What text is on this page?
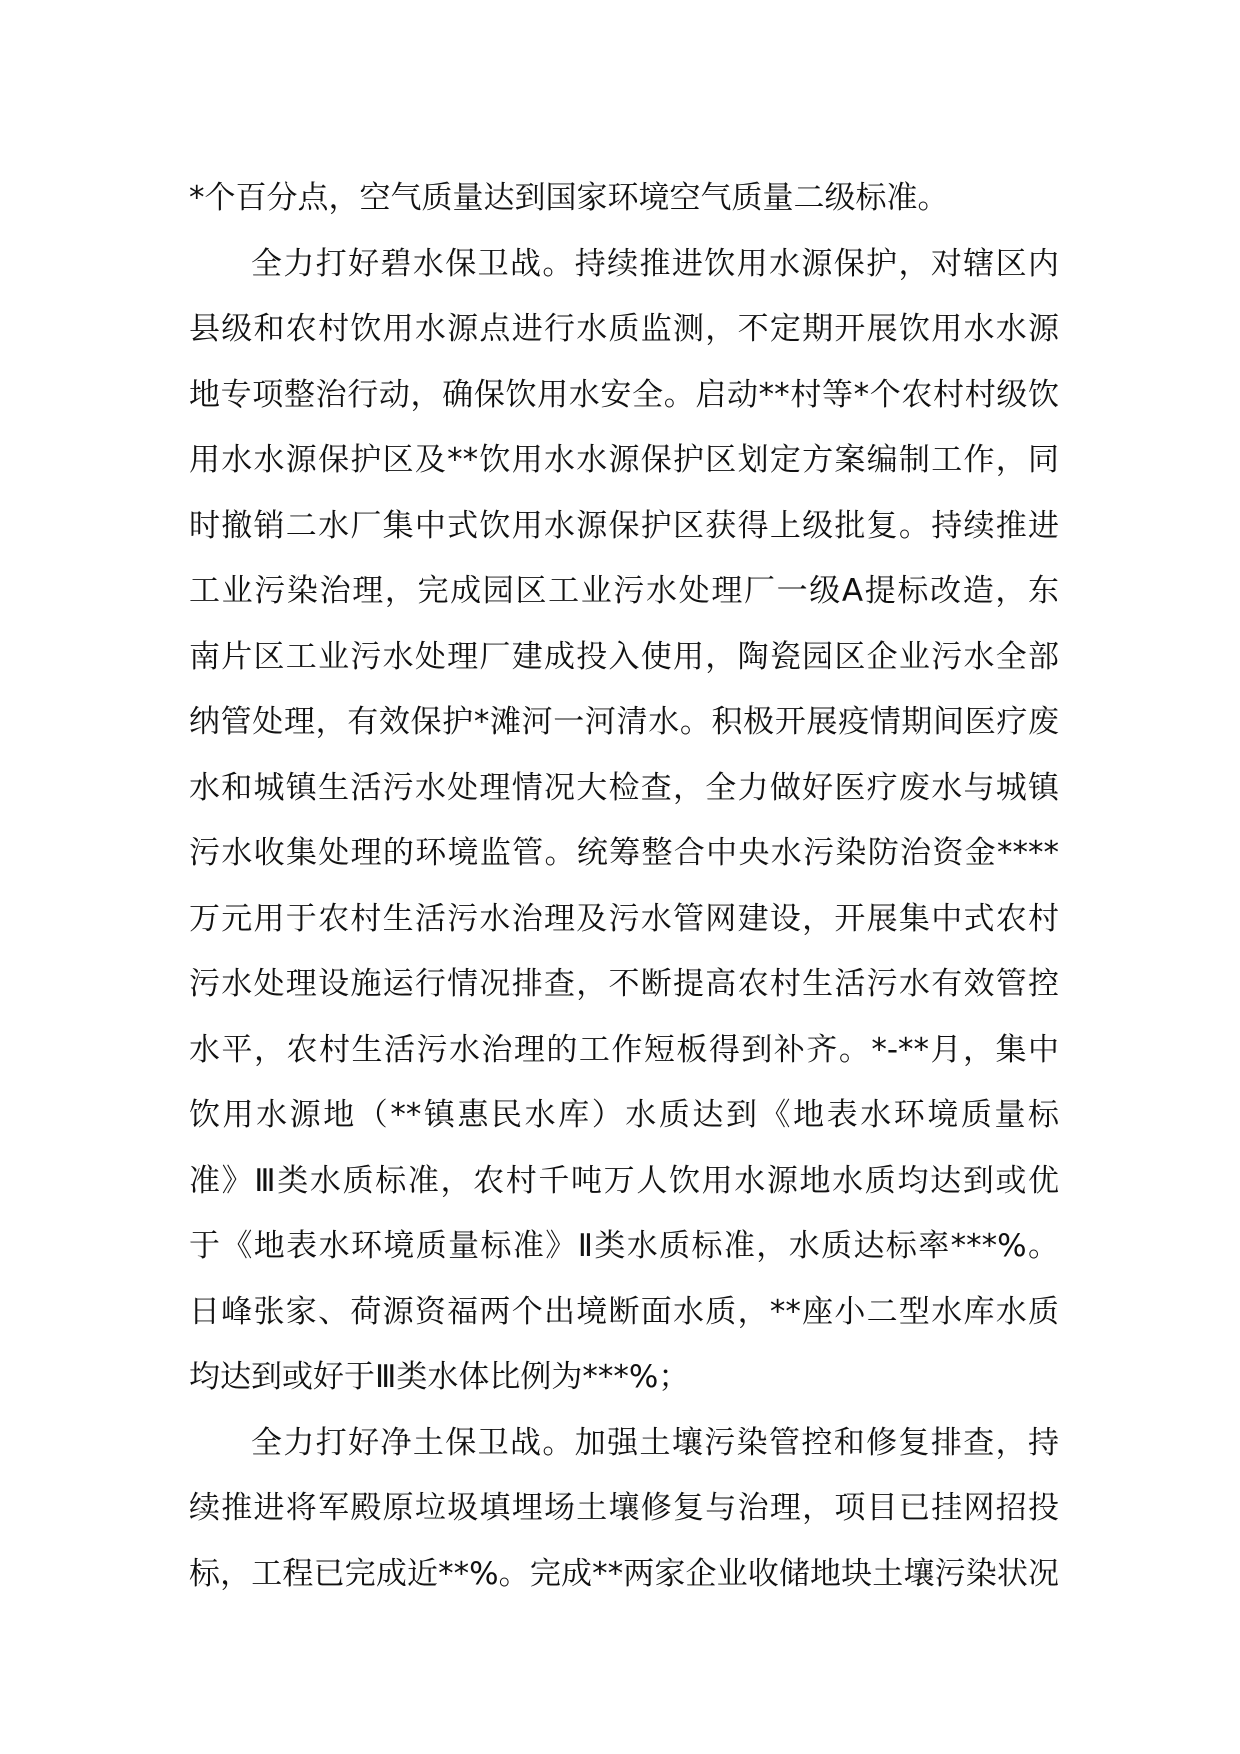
*个百分点，空气质量达到国家环境空气质量二级标准。
全力打好碧水保卫战。持续推进饮用水源保护，对辖区内
县级和农村饮用水源点进行水质监测，不定期开展饮用水水源
地专项整治行动，确保饮用水安全。启动**村等*个农村村级饮
用水水源保护区及**饮用水水源保护区划定方案编制工作，同
时撤销二水厂集中式饮用水源保护区获得上级批复。持续推进
工业污染治理，完成园区工业污水处理厂一级A提标改造，东
南片区工业污水处理厂建成投入使用，陶瓷园区企业污水全部
纳管处理，有效保护*滩河一河清水。积极开展疫情期间医疗废
水和城镇生活污水处理情况大检查，全力做好医疗废水与城镇
污水收集处理的环境监管。统筹整合中央水污染防治资金****
万元用于农村生活污水治理及污水管网建设，开展集中式农村
污水处理设施运行情况排查，不断提高农村生活污水有效管控
水平，农村生活污水治理的工作短板得到补齐。*-**月，集中
饮用水源地（**镇惠民水库）水质达到《地表水环境质量标
准》Ⅲ类水质标准，农村千吨万人饮用水源地水质均达到或优
于《地表水环境质量标准》Ⅱ类水质标准，水质达标率***%。
日峰张家、荷源资福两个出境断面水质，**座小二型水库水质
均达到或好于Ⅲ类水体比例为***%；
全力打好净土保卫战。加强土壤污染管控和修复排查，持
续推进将军殿原垃圾填埋场土壤修复与治理，项目已挂网招投
标，工程已完成近**%。完成**两家企业收储地块土壤污染状况
